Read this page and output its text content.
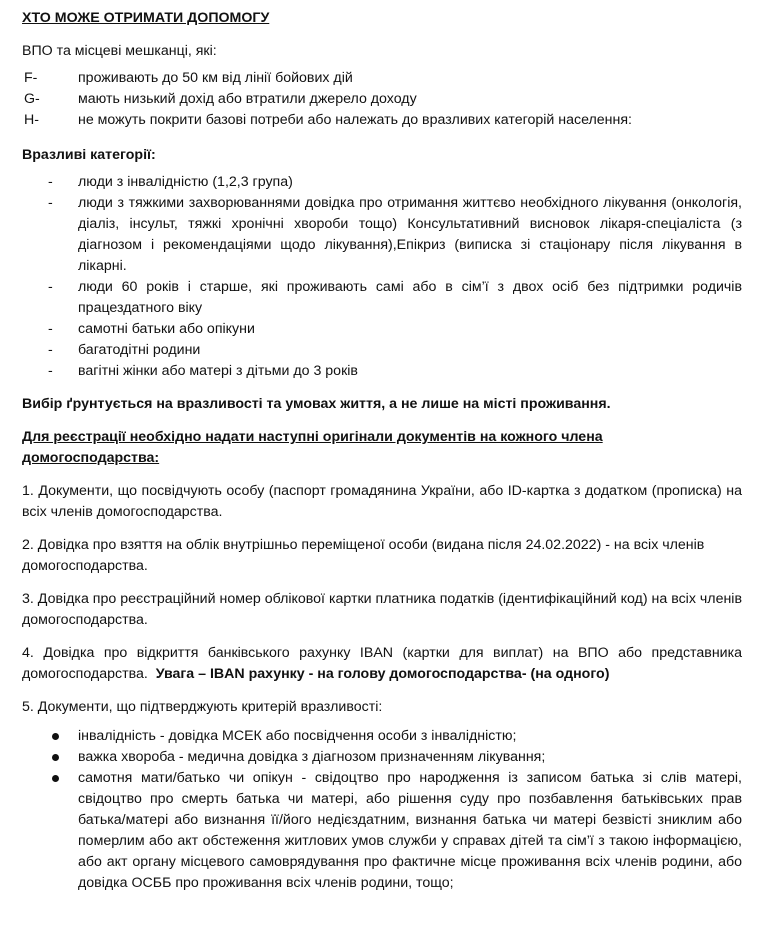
ХТО МОЖЕ ОТРИМАТИ ДОПОМОГУ

ВПО та місцеві мешканці, які:

F-	проживають до 50 км від лінії бойових дій
G-	мають низький дохід або втратили джерело доходу
H-	не можуть покрити базові потреби або належать до вразливих категорій населення:

Вразливі категорії:

- люди з інвалідністю (1,2,3 група)
- люди з тяжкими захворюваннями довідка про отримання життєво необхідного лікування (онкологія, діаліз, інсульт, тяжкі хронічні хвороби тощо) Консультативний висновок лікаря-спеціаліста (з діагнозом і рекомендаціями щодо лікування),Епікриз (виписка зі стаціонару після лікування в лікарні.
- люди 60 років і старше, які проживають самі або в сім’ї з двох осіб без підтримки родичів працездатного віку
- самотні батьки або опікуни
- багатодітні родини
- вагітні жінки або матері з дітьми до 3 років

Вибір ґрунтується на вразливості та умовах життя, а не лише на місті проживання.

Для реєстрації необхідно надати наступні оригінали документів на кожного члена домогосподарства:

1. Документи, що посвідчують особу (паспорт громадянина України, або ID-картка з додатком (прописка) на всіх членів домогосподарства.

2. Довідка про взяття на облік внутрішньо переміщеної особи (видана після 24.02.2022) - на всіх членів домогосподарства.

3. Довідка про реєстраційний номер облікової картки платника податків (ідентифікаційний код) на всіх членів домогосподарства.

4. Довідка про відкриття банківського рахунку IBAN (картки для виплат) на ВПО або представника домогосподарства. Увага – IBAN рахунку - на голову домогосподарства- (на одного)

5. Документи, що підтверджують критерій вразливості:

інвалідність - довідка МСЕК або посвідчення особи з інвалідністю;
важка хвороба - медична довідка з діагнозом призначенням лікування;
самотня мати/батько чи опікун - свідоцтво про народження із записом батька зі слів матері, свідоцтво про смерть батька чи матері, або рішення суду про позбавлення батьківських прав батька/матері або визнання її/його недієздатним, визнання батька чи матері безвісті зниклим або померлим або акт обстеження житлових умов служби у справах дітей та сім’ї з такою інформацією, або акт органу місцевого самоврядування про фактичне місце проживання всіх членів родини, або довідка ОСББ про проживання всіх членів родини, тощо;
